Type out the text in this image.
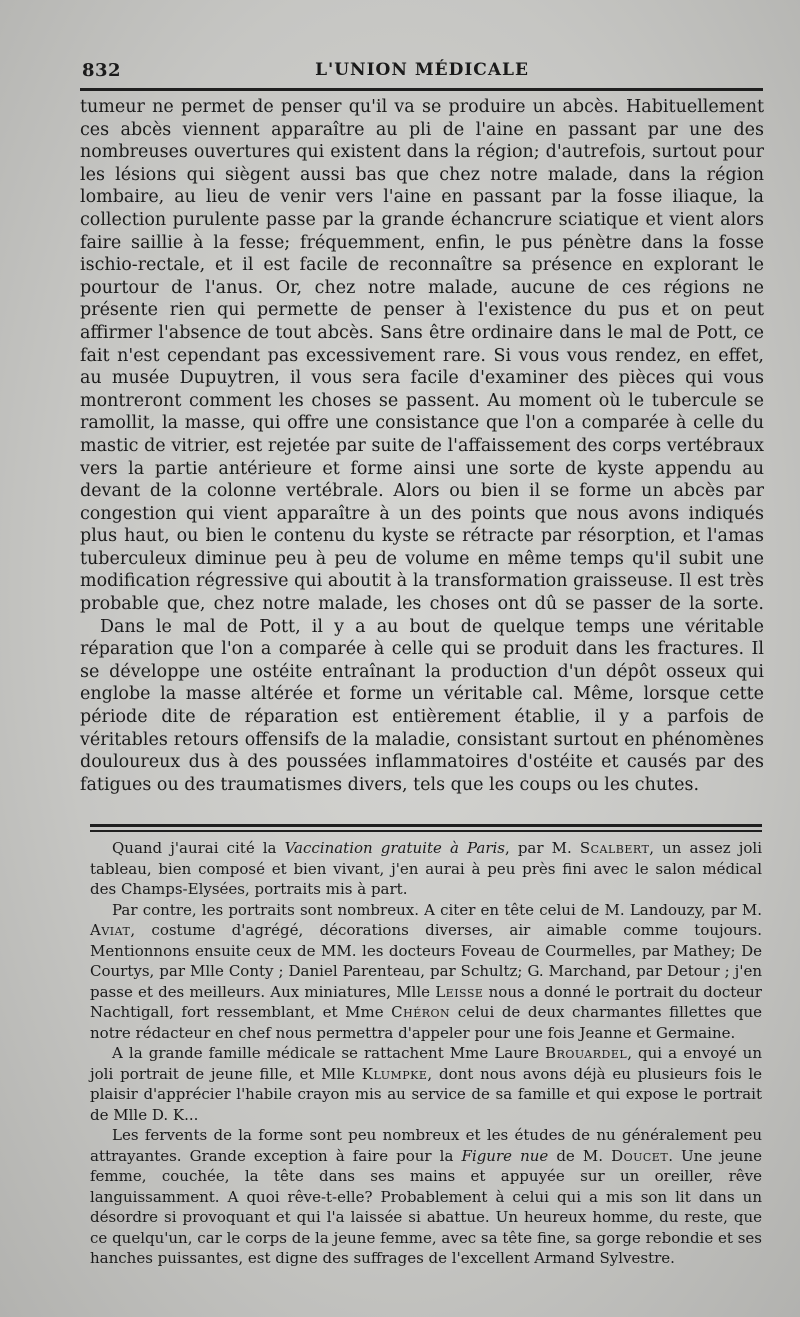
832	L'UNION MÉDICALE

tumeur ne permet de penser qu'il va se produire un abcès. Habituellement ces abcès viennent apparaître au pli de l'aine en passant par une des nombreuses ouvertures qui existent dans la région; d'autrefois, surtout pour les lésions qui siègent aussi bas que chez notre malade, dans la région lombaire, au lieu de venir vers l'aine en passant par la fosse iliaque, la collection purulente passe par la grande échancrure sciatique et vient alors faire saillie à la fesse; fréquemment, enfin, le pus pénètre dans la fosse ischio-rectale, et il est facile de reconnaître sa présence en explorant le pourtour de l'anus. Or, chez notre malade, aucune de ces régions ne présente rien qui permette de penser à l'existence du pus et on peut affirmer l'absence de tout abcès. Sans être ordinaire dans le mal de Pott, ce fait n'est cependant pas excessivement rare. Si vous vous rendez, en effet, au musée Dupuytren, il vous sera facile d'examiner des pièces qui vous montreront comment les choses se passent. Au moment où le tubercule se ramollit, la masse, qui offre une consistance que l'on a comparée à celle du mastic de vitrier, est rejetée par suite de l'affaissement des corps vertébraux vers la partie antérieure et forme ainsi une sorte de kyste appendu au devant de la colonne vertébrale. Alors ou bien il se forme un abcès par congestion qui vient apparaître à un des points que nous avons indiqués plus haut, ou bien le contenu du kyste se rétracte par résorption, et l'amas tuberculeux diminue peu à peu de volume en même temps qu'il subit une modification régressive qui aboutit à la transformation graisseuse. Il est très probable que, chez notre malade, les choses ont dû se passer de la sorte.

Dans le mal de Pott, il y a au bout de quelque temps une véritable réparation que l'on a comparée à celle qui se produit dans les fractures. Il se développe une ostéite entraînant la production d'un dépôt osseux qui englobe la masse altérée et forme un véritable cal. Même, lorsque cette période dite de réparation est entièrement établie, il y a parfois de véritables retours offensifs de la maladie, consistant surtout en phénomènes douloureux dus à des poussées inflammatoires d'ostéite et causés par des fatigues ou des traumatismes divers, tels que les coups ou les chutes.

Quand j'aurai cité la Vaccination gratuite à Paris, par M. Scalbert, un assez joli tableau, bien composé et bien vivant, j'en aurai à peu près fini avec le salon médical des Champs-Elysées, portraits mis à part.

Par contre, les portraits sont nombreux. A citer en tête celui de M. Landouzy, par M. Aviat, costume d'agrégé, décorations diverses, air aimable comme toujours. Mentionnons ensuite ceux de MM. les docteurs Foveau de Courmelles, par Mathey; De Courtys, par Mlle Conty ; Daniel Parenteau, par Schultz; G. Marchand, par Detour ; j'en passe et des meilleurs. Aux miniatures, Mlle Leisse nous a donné le portrait du docteur Nachtigall, fort ressemblant, et Mme Chéron celui de deux charmantes fillettes que notre rédacteur en chef nous permettra d'appeler pour une fois Jeanne et Germaine.

A la grande famille médicale se rattachent Mme Laure Brouardel, qui a envoyé un joli portrait de jeune fille, et Mlle Klumpke, dont nous avons déjà eu plusieurs fois le plaisir d'apprécier l'habile crayon mis au service de sa famille et qui expose le portrait de Mlle D. K...

Les fervents de la forme sont peu nombreux et les études de nu généralement peu attrayantes. Grande exception à faire pour la Figure nue de M. Doucet. Une jeune femme, couchée, la tête dans ses mains et appuyée sur un oreiller, rêve languissamment. A quoi rêve-t-elle? Probablement à celui qui a mis son lit dans un désordre si provoquant et qui l'a laissée si abattue. Un heureux homme, du reste, que ce quelqu'un, car le corps de la jeune femme, avec sa tête fine, sa gorge rebondie et ses hanches puissantes, est digne des suffrages de l'excellent Armand Sylvestre.
